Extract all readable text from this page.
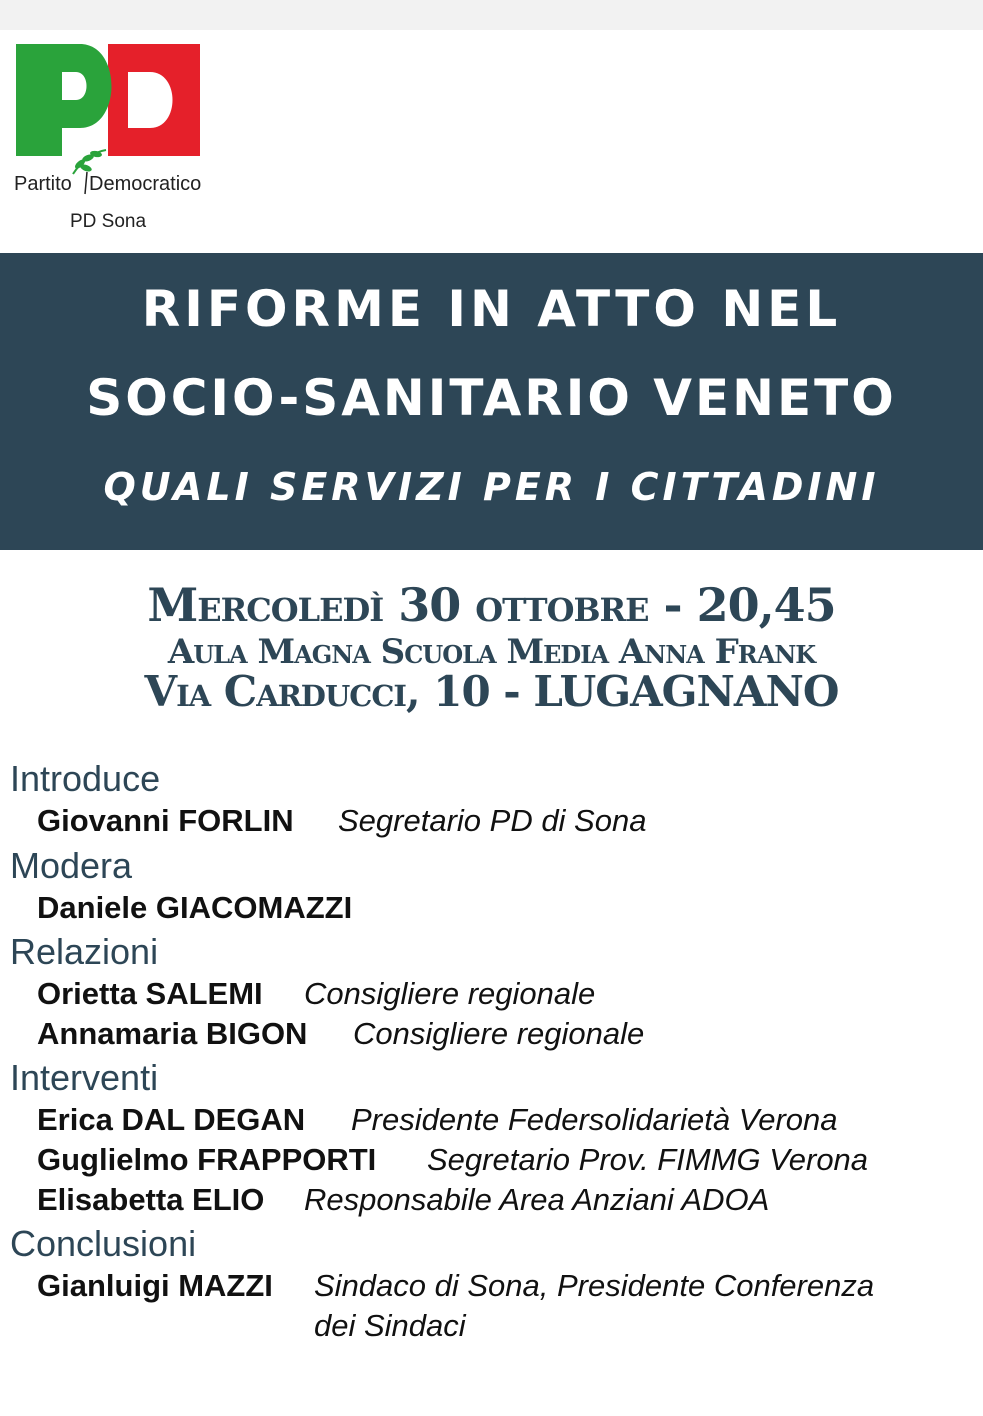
Partito Democratico
PD Sona
RIFORME IN ATTO NEL
SOCIO-SANITARIO VENETO
QUALI SERVIZI PER I CITTADINI
Mercoledì 30 ottobre - 20,45
Aula Magna Scuola Media Anna Frank
Via Carducci, 10 - LUGAGNANO
Introduce
Giovanni FORLIN Segretario PD di Sona
Modera
Daniele GIACOMAZZI
Relazioni
Orietta SALEMI Consigliere regionale
Annamaria BIGON Consigliere regionale
Interventi
Erica DAL DEGAN Presidente Federsolidarietà Verona
Guglielmo FRAPPORTI Segretario Prov. FIMMG Verona
Elisabetta ELIO Responsabile Area Anziani ADOA
Conclusioni
Gianluigi MAZZI Sindaco di Sona, Presidente Conferenza
dei Sindaci
